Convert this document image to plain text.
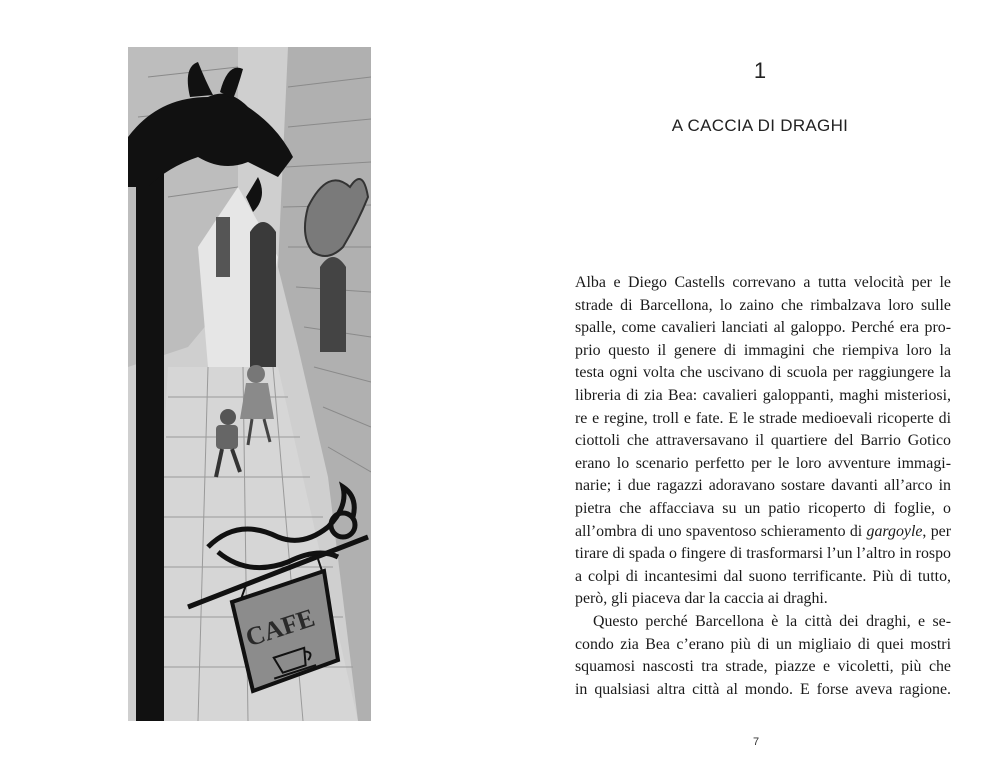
CAFE
1
A CACCIA DI DRAGHI
Alba e Diego Castells correvano a tutta velocità per le
strade di Barcellona, lo zaino che rimbalzava loro sulle
spalle, come cavalieri lanciati al galoppo. Perché era pro-
prio questo il genere di immagini che riempiva loro la
testa ogni volta che uscivano di scuola per raggiungere la
libreria di zia Bea: cavalieri galoppanti, maghi misteriosi,
re e regine, troll e fate. E le strade medioevali ricoperte di
ciottoli che attraversavano il quartiere del Barrio Gotico
erano lo scenario perfetto per le loro avventure immagi-
narie; i due ragazzi adoravano sostare davanti all’arco in
pietra che affacciava su un patio ricoperto di foglie, o
all’ombra di uno spaventoso schieramento di gargoyle, per
tirare di spada o fingere di trasformarsi l’un l’altro in rospo
a colpi di incantesimi dal suono terrificante. Più di tutto,
però, gli piaceva dar la caccia ai draghi.
Questo perché Barcellona è la città dei draghi, e se-
condo zia Bea c’erano più di un migliaio di quei mostri
squamosi nascosti tra strade, piazze e vicoletti, più che
in qualsiasi altra città al mondo. E forse aveva ragione.
7
